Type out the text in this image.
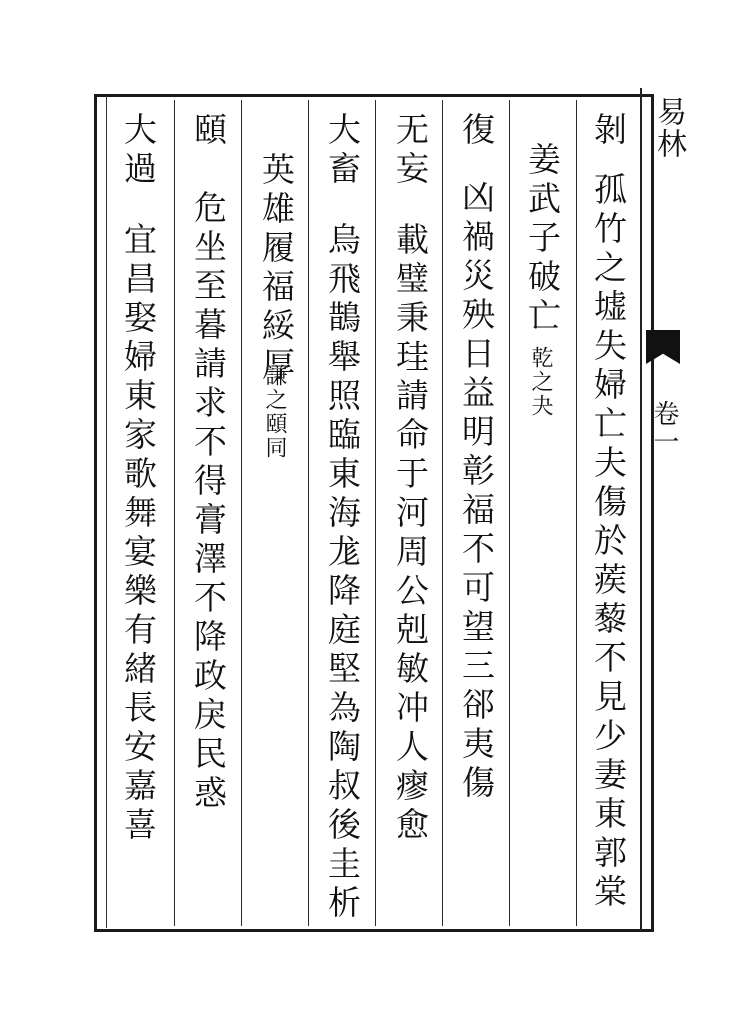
易林
卷一
剝
孤竹之墟失婦亡夫傷於蒺藜不見少妻東郭棠
姜武子破亡
乾之夬
復
凶禍災殃日益明彰福不可望三郤夷傷
无妄
載璧秉珪請命于河周公剋敏冲人瘳愈
大畜
烏飛鵲舉照臨東海尨降庭堅為陶叔後圭析
英雄履福綏厚
謙之頤同
頤
危坐至暮請求不得膏澤不降政戾民惑
大過
宜昌娶婦東家歌舞宴樂有緒長安嘉喜
